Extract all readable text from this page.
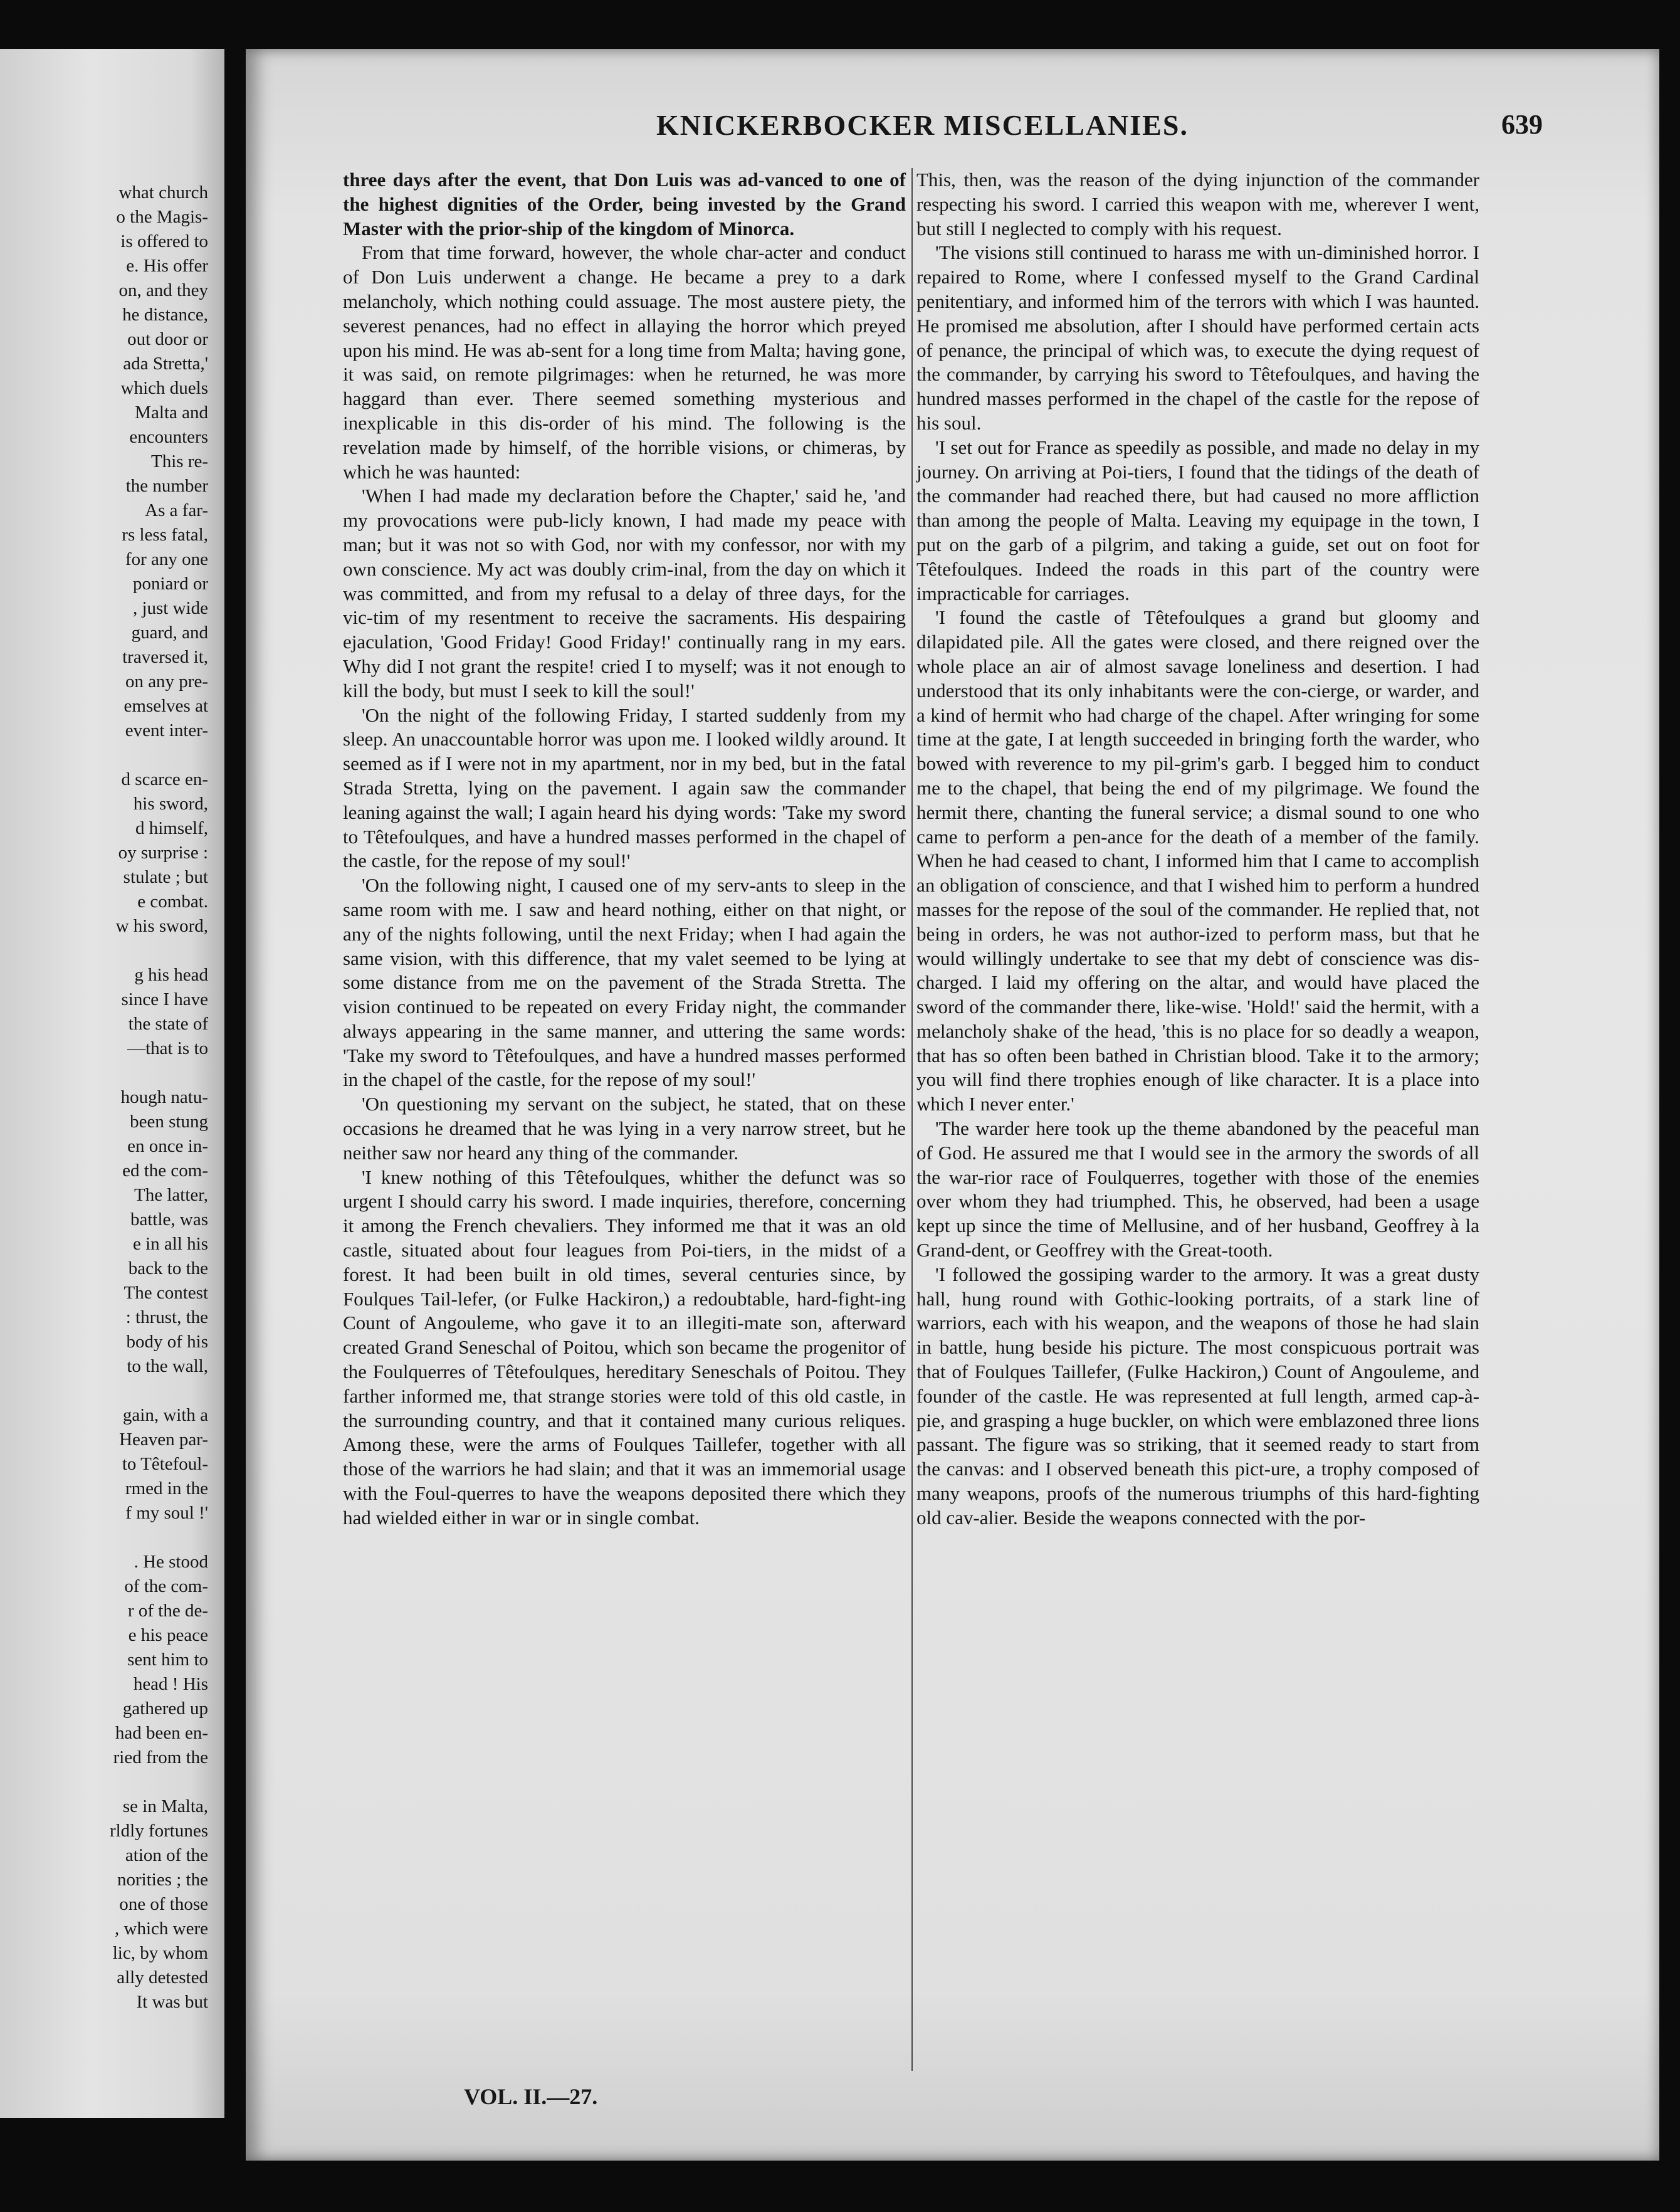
what church
o the Magis-
is offered to
e. His offer
on, and they
he distance,
out door or
ada Stretta,'
which duels
Malta and
encounters
This re-
the number
As a far-
rs less fatal,
for any one
poniard or
, just wide
guard, and
traversed it,
on any pre-
emselves at
event inter-

d scarce en-
his sword,
d himself,
oy surprise :
stulate ; but
e combat.
w his sword,

g his head
since I have
the state of
—that is to

hough natu-
been stung
en once in-
ed the com-
The latter,
battle, was
e in all his
back to the
The contest
: thrust, the
body of his
to the wall,

gain, with a
Heaven par-
to Têtefoul-
rmed in the
f my soul !'

. He stood
of the com-
r of the de-
e his peace
sent him to
head ! His
gathered up
had been en-
ried from the

se in Malta,
rldly fortunes
ation of the
norities ; the
one of those
, which were
lic, by whom
ally detested
It was but
KNICKERBOCKER MISCELLANIES.	639

three days after the event, that Don Luis was ad-vanced to one of the highest dignities of the Order, being invested by the Grand Master with the prior-ship of the kingdom of Minorca.

From that time forward, however, the whole char-acter and conduct of Don Luis underwent a change. He became a prey to a dark melancholy, which nothing could assuage. The most austere piety, the severest penances, had no effect in allaying the horror which preyed upon his mind. He was ab-sent for a long time from Malta; having gone, it was said, on remote pilgrimages: when he returned, he was more haggard than ever. There seemed something mysterious and inexplicable in this dis-order of his mind. The following is the revelation made by himself, of the horrible visions, or chimeras, by which he was haunted:

'When I had made my declaration before the Chapter,' said he, 'and my provocations were pub-licly known, I had made my peace with man; but it was not so with God, nor with my confessor, nor with my own conscience. My act was doubly crim-inal, from the day on which it was committed, and from my refusal to a delay of three days, for the vic-tim of my resentment to receive the sacraments. His despairing ejaculation, 'Good Friday! Good Friday!' continually rang in my ears. Why did I not grant the respite! cried I to myself; was it not enough to kill the body, but must I seek to kill the soul!'

'On the night of the following Friday, I started suddenly from my sleep. An unaccountable horror was upon me. I looked wildly around. It seemed as if I were not in my apartment, nor in my bed, but in the fatal Strada Stretta, lying on the pavement. I again saw the commander leaning against the wall; I again heard his dying words: 'Take my sword to Têtefoulques, and have a hundred masses performed in the chapel of the castle, for the repose of my soul!'

'On the following night, I caused one of my serv-ants to sleep in the same room with me. I saw and heard nothing, either on that night, or any of the nights following, until the next Friday; when I had again the same vision, with this difference, that my valet seemed to be lying at some distance from me on the pavement of the Strada Stretta. The vision continued to be repeated on every Friday night, the commander always appearing in the same manner, and uttering the same words: 'Take my sword to Têtefoulques, and have a hundred masses performed in the chapel of the castle, for the repose of my soul!'

'On questioning my servant on the subject, he stated, that on these occasions he dreamed that he was lying in a very narrow street, but he neither saw nor heard any thing of the commander.

'I knew nothing of this Têtefoulques, whither the defunct was so urgent I should carry his sword. I made inquiries, therefore, concerning it among the French chevaliers. They informed me that it was an old castle, situated about four leagues from Poi-tiers, in the midst of a forest. It had been built in old times, several centuries since, by Foulques Tail-lefer, (or Fulke Hackiron,) a redoubtable, hard-fight-ing Count of Angouleme, who gave it to an illegiti-mate son, afterward created Grand Seneschal of Poitou, which son became the progenitor of the Foulquerres of Têtefoulques, hereditary Seneschals of Poitou. They farther informed me, that strange stories were told of this old castle, in the surrounding country, and that it contained many curious reliques. Among these, were the arms of Foulques Taillefer, together with all those of the warriors he had slain; and that it was an immemorial usage with the Foul-querres to have the weapons deposited there which they had wielded either in war or in single combat.

This, then, was the reason of the dying injunction of the commander respecting his sword. I carried this weapon with me, wherever I went, but still I neglected to comply with his request.

'The visions still continued to harass me with un-diminished horror. I repaired to Rome, where I confessed myself to the Grand Cardinal penitentiary, and informed him of the terrors with which I was haunted. He promised me absolution, after I should have performed certain acts of penance, the principal of which was, to execute the dying request of the commander, by carrying his sword to Têtefoulques, and having the hundred masses performed in the chapel of the castle for the repose of his soul.

'I set out for France as speedily as possible, and made no delay in my journey. On arriving at Poi-tiers, I found that the tidings of the death of the commander had reached there, but had caused no more affliction than among the people of Malta. Leaving my equipage in the town, I put on the garb of a pilgrim, and taking a guide, set out on foot for Têtefoulques. Indeed the roads in this part of the country were impracticable for carriages.

'I found the castle of Têtefoulques a grand but gloomy and dilapidated pile. All the gates were closed, and there reigned over the whole place an air of almost savage loneliness and desertion. I had understood that its only inhabitants were the con-cierge, or warder, and a kind of hermit who had charge of the chapel. After wringing for some time at the gate, I at length succeeded in bringing forth the warder, who bowed with reverence to my pil-grim's garb. I begged him to conduct me to the chapel, that being the end of my pilgrimage. We found the hermit there, chanting the funeral service; a dismal sound to one who came to perform a pen-ance for the death of a member of the family. When he had ceased to chant, I informed him that I came to accomplish an obligation of conscience, and that I wished him to perform a hundred masses for the repose of the soul of the commander. He replied that, not being in orders, he was not author-ized to perform mass, but that he would willingly undertake to see that my debt of conscience was dis-charged. I laid my offering on the altar, and would have placed the sword of the commander there, like-wise. 'Hold!' said the hermit, with a melancholy shake of the head, 'this is no place for so deadly a weapon, that has so often been bathed in Christian blood. Take it to the armory; you will find there trophies enough of like character. It is a place into which I never enter.'

'The warder here took up the theme abandoned by the peaceful man of God. He assured me that I would see in the armory the swords of all the war-rior race of Foulquerres, together with those of the enemies over whom they had triumphed. This, he observed, had been a usage kept up since the time of Mellusine, and of her husband, Geoffrey à la Grand-dent, or Geoffrey with the Great-tooth.

'I followed the gossiping warder to the armory. It was a great dusty hall, hung round with Gothic-looking portraits, of a stark line of warriors, each with his weapon, and the weapons of those he had slain in battle, hung beside his picture. The most conspicuous portrait was that of Foulques Taillefer, (Fulke Hackiron,) Count of Angouleme, and founder of the castle. He was represented at full length, armed cap-à-pie, and grasping a huge buckler, on which were emblazoned three lions passant. The figure was so striking, that it seemed ready to start from the canvas: and I observed beneath this pict-ure, a trophy composed of many weapons, proofs of the numerous triumphs of this hard-fighting old cav-alier. Beside the weapons connected with the por-

VOL. II.—27.
